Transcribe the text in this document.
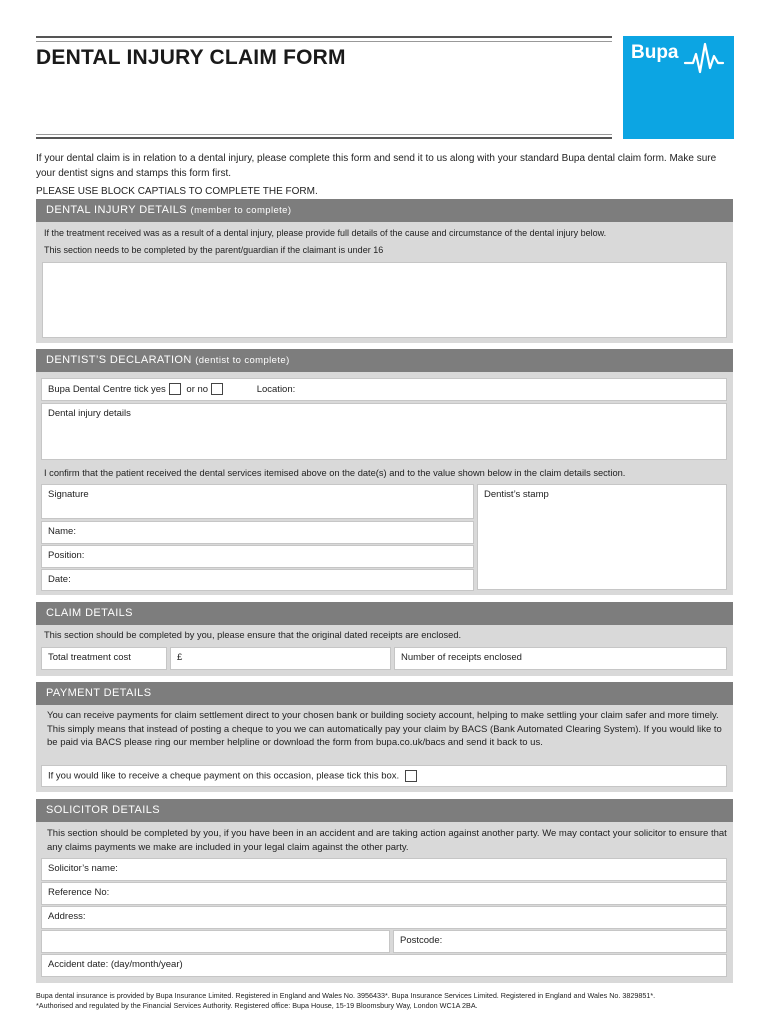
DENTAL INJURY CLAIM FORM	Bupa

If your dental claim is in relation to a dental injury, please complete this form and send it to us along with your standard Bupa dental claim form. Make sure your dentist signs and stamps this form first.

PLEASE USE BLOCK CAPTIALS TO COMPLETE THE FORM.

DENTAL INJURY DETAILS (member to complete)
If the treatment received was as a result of a dental injury, please provide full details of the cause and circumstance of the dental injury below.
This section needs to be completed by the parent/guardian if the claimant is under 16
DENTIST’S DECLARATION (dentist to complete)
Bupa Dental Centre tick yes or no	Location:
Dental injury details
I confirm that the patient received the dental services itemised above on the date(s) and to the value shown below in the claim details section.
Signature	Dentist’s stamp
Name:
Position:
Date:
CLAIM DETAILS
This section should be completed by you, please ensure that the original dated receipts are enclosed.
Total treatment cost	£	Number of receipts enclosed
PAYMENT DETAILS
You can receive payments for claim settlement direct to your chosen bank or building society account, helping to make settling your claim safer and more timely. This simply means that instead of posting a cheque to you we can automatically pay your claim by BACS (Bank Automated Clearing System). If you would like to be paid via BACS please ring our member helpline or download the form from bupa.co.uk/bacs and send it back to us.
If you would like to receive a cheque payment on this occasion, please tick this box.
SOLICITOR DETAILS
This section should be completed by you, if you have been in an accident and are taking action against another party. We may contact your solicitor to ensure that any claims payments we make are included in your legal claim against the other party.
Solicitor’s name:
Reference No:
Address:
Postcode:
Accident date: (day/month/year)
Bupa dental insurance is provided by Bupa Insurance Limited. Registered in England and Wales No. 3956433*. Bupa Insurance Services Limited. Registered in England and Wales No. 3829851*.
*Authorised and regulated by the Financial Services Authority. Registered office: Bupa House, 15-19 Bloomsbury Way, London WC1A 2BA.
